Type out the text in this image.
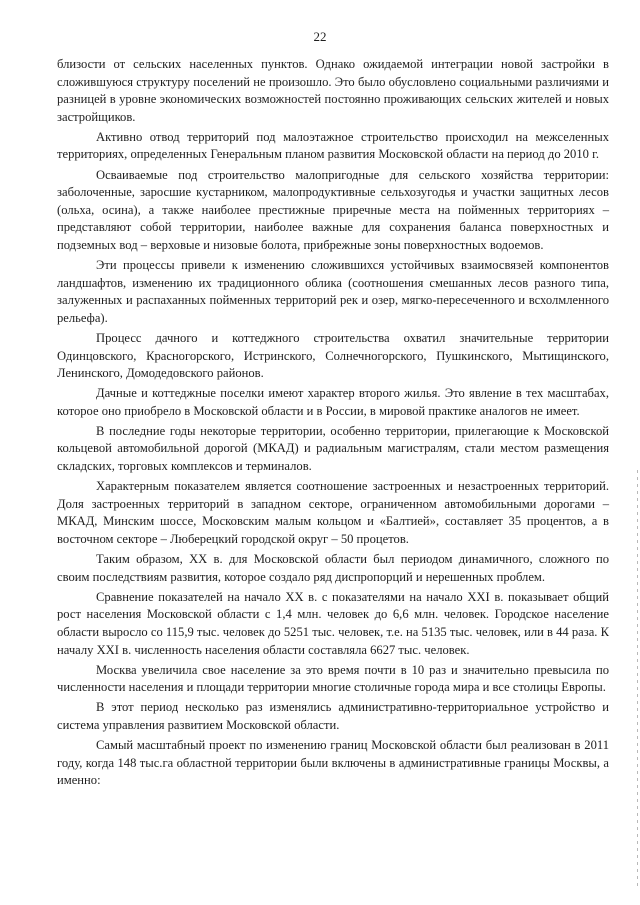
22

близости от сельских населенных пунктов. Однако ожидаемой интеграции новой застройки в сложившуюся структуру поселений не произошло. Это было обусловлено социальными различиями и разницей в уровне экономических возможностей постоянно проживающих сельских жителей и новых застройщиков.

Активно отвод территорий под малоэтажное строительство происходил на межселенных территориях, определенных Генеральным планом развития Московской области на период до 2010 г.

Осваиваемые под строительство малопригодные для сельского хозяйства территории: заболоченные, заросшие кустарником, малопродуктивные сельхозугодья и участки защитных лесов (ольха, осина), а также наиболее престижные приречные места на пойменных территориях – представляют собой территории, наиболее важные для сохранения баланса поверхностных и подземных вод – верховые и низовые болота, прибрежные зоны поверхностных водоемов.

Эти процессы привели к изменению сложившихся устойчивых взаимосвязей компонентов ландшафтов, изменению их традиционного облика (соотношения смешанных лесов разного типа, залуженных и распаханных пойменных территорий рек и озер, мягко-пересеченного и всхолмленного рельефа).

Процесс дачного и коттеджного строительства охватил значительные территории Одинцовского, Красногорского, Истринского, Солнечногорского, Пушкинского, Мытищинского, Ленинского, Домодедовского районов.

Дачные и коттеджные поселки имеют характер второго жилья. Это явление в тех масштабах, которое оно приобрело в Московской области и в России, в мировой практике аналогов не имеет.

В последние годы некоторые территории, особенно территории, прилегающие к Московской кольцевой автомобильной дорогой (МКАД) и радиальным магистралям, стали местом размещения складских, торговых комплексов и терминалов.

Характерным показателем является соотношение застроенных и незастроенных территорий. Доля застроенных территорий в западном секторе, ограниченном автомобильными дорогами – МКАД, Минским шоссе, Московским малым кольцом и «Балтией», составляет 35 процентов, а в восточном секторе – Люберецкий городской округ – 50 процетов.

Таким образом, XX в. для Московской области был периодом динамичного, сложного по своим последствиям развития, которое создало ряд диспропорций и нерешенных проблем.

Сравнение показателей на начало XX в. с показателями на начало XXI в. показывает общий рост населения Московской области с 1,4 млн. человек до 6,6 млн. человек. Городское население области выросло со 115,9 тыс. человек до 5251 тыс. человек, т.е. на 5135 тыс. человек, или в 44 раза. К началу XXI в. численность населения области составляла 6627 тыс. человек.

Москва увеличила свое население за это время почти в 10 раз и значительно превысила по численности населения и площади территории многие столичные города мира и все столицы Европы.

В этот период несколько раз изменялись административно-территориальное устройство и система управления развитием Московской области.

Самый масштабный проект по изменению границ Московской области был реализован в 2011 году, когда 148 тыс.га областной территории были включены в административные границы Москвы, а именно:
